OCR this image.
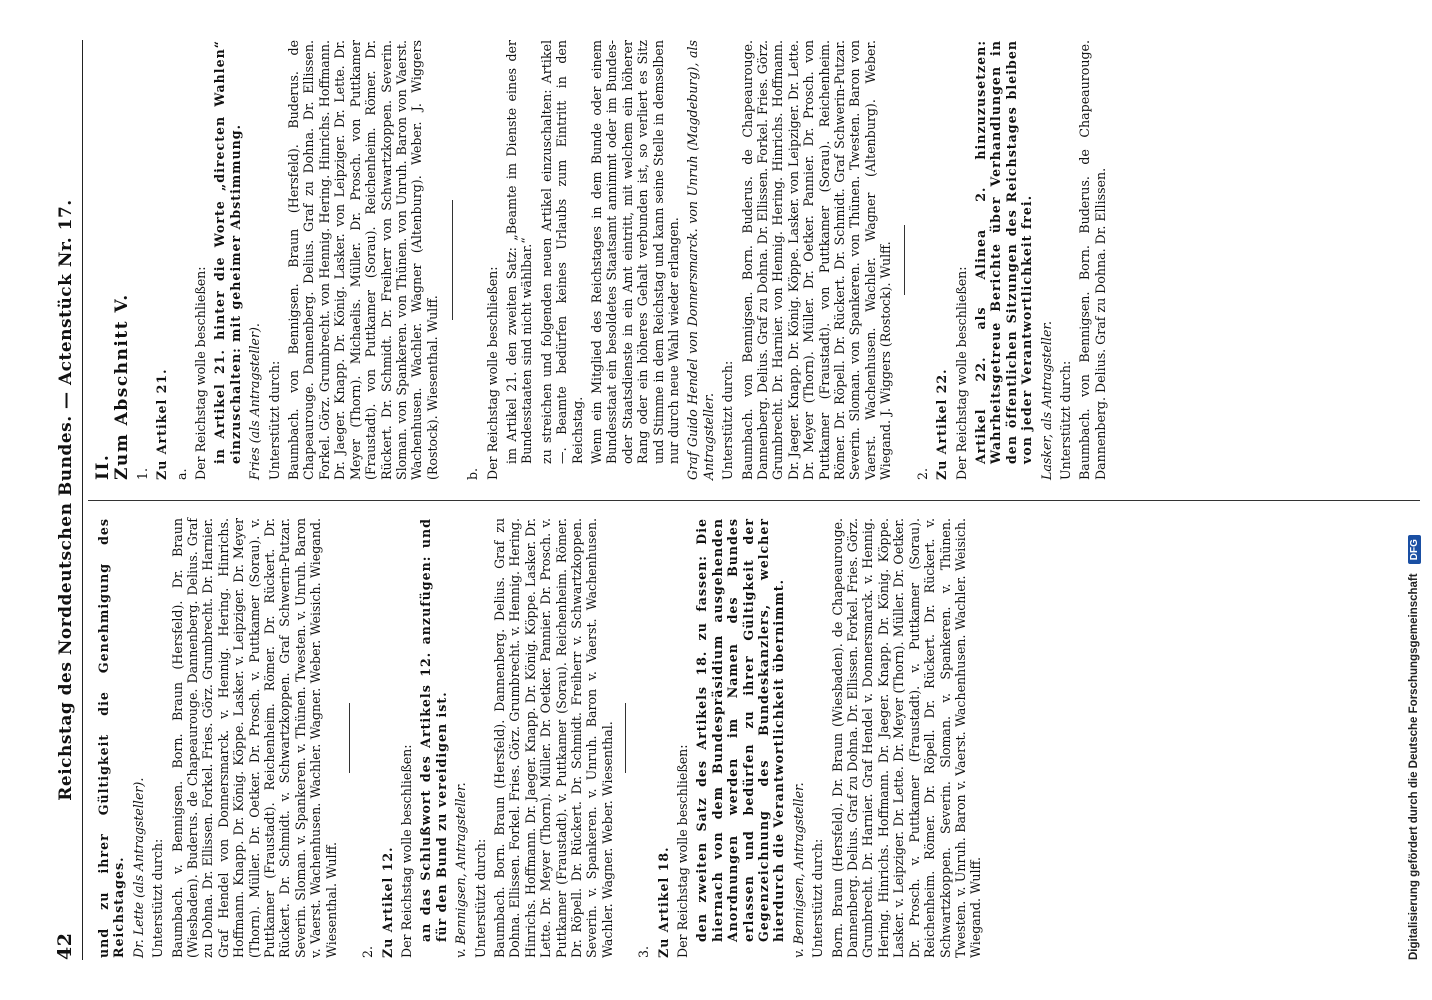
42
Reichstag des Norddeutschen Bundes. — Actenstück Nr. 17. und zu ihrer Gültigkeit die Genehmigung des Reichstages. Dr. Lette (als Antragsteller). Unterstützt durch: Baumbach. v. Bennigsen. Born. Braun (Hersfeld). Dr. Braun (Wiesbaden). Buderus. de Chapeaurouge. Dannenberg. Delius. Graf zu Dohna. Dr. Ellissen. Forkel. Fries. Görz. Grumbrecht. Dr. Harnier. Graf Hendel von Donnersmarck. v. Hennig. Hering. Hinrichs. Hoffmann. Knapp. Dr. König. Köppe. Lasker. v. Leipziger. Dr. Meyer (Thorn). Müller. Dr. Oetker. Dr. Prosch. v. Puttkamer (Sorau). v. Puttkamer (Fraustadt). Reichenheim. Römer. Dr. Rückert. Dr. Rückert. Dr. Schmidt. v. Schwartzkoppen. Graf Schwerin-Putzar. Severin. Sloman. v. Spankeren. v. Thünen. Twesten. v. Unruh. Baron v. Vaerst. Wachenhusen. Wachler. Wagner. Weber. Weisich. Wiegand. Wiesenthal. Wulff. 2. Zu Artikel 12. Der Reichstag wolle beschließen: an das Schlußwort des Artikels 12. anzufügen: und für den Bund zu vereidigen ist. v. Bennigsen, Antragsteller. Unterstützt durch: Baumbach. Born. Braun (Hersfeld). Dannenberg. Delius. Graf zu Dohna. Ellissen. Forkel. Fries. Görz. Grumbrecht. v. Hennig. Hering. Hinrichs. Hoffmann. Dr. Jaeger. Knapp. Dr. König. Köppe. Lasker. Dr. Lette. Dr. Meyer (Thorn). Müller. Dr. Oetker. Pannier. Dr. Prosch. v. Puttkamer (Fraustadt). v. Puttkamer (Sorau). Reichenheim. Römer. Dr. Röpell. Dr. Rückert. Dr. Schmidt. Freiherr v. Schwartzkoppen. Severin. v. Spankeren. v. Unruh. Baron v. Vaerst. Wachenhusen. Wachler. Wagner. Weber. Wiesenthal. 3. Zu Artikel 18. Der Reichstag wolle beschließen: den zweiten Satz des Artikels 18. zu fassen: Die hiernach von dem Bundespräsidium ausgehenden Anordnungen werden im Namen des Bundes erlassen und bedürfen zu ihrer Gültigkeit der Gegenzeichnung des Bundeskanzlers, welcher hierdurch die Verantwortlichkeit übernimmt. v. Bennigsen, Antragsteller. Unterstützt durch: Born. Braun (Hersfeld). Dr. Braun (Wiesbaden). de Chapeaurouge. Dannenberg. Delius. Graf zu Dohna. Dr. Ellissen. Forkel. Fries. Görz. Grumbrecht. Dr. Harnier. Graf Hendel v. Donnersmarck. v. Hennig. Hering. Hinrichs. Hoffmann. Dr. Jaeger. Knapp. Dr. König. Köppe. Lasker. v. Leipziger. Dr. Lette. Dr. Meyer (Thorn). Müller. Dr. Oetker. Dr. Prosch. v. Puttkamer (Fraustadt). v. Puttkamer (Sorau). Reichenheim. Römer. Dr. Röpell. Dr. Rückert. Dr. Rückert. v. Schwartzkoppen. Severin. Sloman. v. Spankeren. v. Thünen. Twesten. v. Unruh. Baron v. Vaerst. Wachenhusen. Wachler. Weisich. Wiegand. Wulff.

II. Zum Abschnitt V. 1. Zu Artikel 21. a. Der Reichstag wolle beschließen: in Artikel 21. hinter die Worte „directen Wahlen“ einzuschalten: mit geheimer Abstimmung. Fries (als Antragsteller). Unterstützt durch: Baumbach. von Bennigsen. Braun (Hersfeld). Buderus. de Chapeaurouge. Dannenberg. Delius. Graf zu Dohna. Dr. Ellissen. Forkel. Görz. Grumbrecht. von Hennig. Hering. Hinrichs. Hoffmann. Dr. Jaeger. Knapp. Dr. König. Lasker. von Leipziger. Dr. Lette. Dr. Meyer (Thorn). Michaelis. Müller. Dr. Prosch. von Puttkamer (Fraustadt). von Puttkamer (Sorau). Reichenheim. Römer. Dr. Rückert. Dr. Schmidt. Dr. Freiherr von Schwartzkoppen. Severin. Sloman. von Spankeren. von Thünen. von Unruh. Baron von Vaerst. Wachenhusen. Wachler. Wagner (Altenburg). Weber. J. Wiggers (Rostock). Wiesenthal. Wulff. b. Der Reichstag wolle beschließen: im Artikel 21. den zweiten Satz: „Beamte im Dienste eines der Bundesstaaten sind nicht wählbar.“ zu streichen und folgenden neuen Artikel einzuschalten: Artikel —. Beamte bedürfen keines Urlaubs zum Eintritt in den Reichstag. Wenn ein Mitglied des Reichstages in dem Bunde oder einem Bundesstaat ein besoldetes Staatsamt annimmt oder im Bundes- oder Staatsdienste in ein Amt eintritt, mit welchem ein höherer Rang oder ein höheres Gehalt verbunden ist, so verliert es Sitz und Stimme in dem Reichstag und kann seine Stelle in demselben nur durch neue Wahl wieder erlangen. Graf Guido Hendel von Donnersmarck. von Unruh (Magdeburg), als Antragsteller. Unterstützt durch: Baumbach. von Bennigsen. Born. Buderus. de Chapeaurouge. Dannenberg. Delius. Graf zu Dohna. Dr. Ellissen. Forkel. Fries. Görz. Grumbrecht. Dr. Harnier. von Hennig. Hering. Hinrichs. Hoffmann. Dr. Jaeger. Knapp. Dr. König. Köppe. Lasker. von Leipziger. Dr. Lette. Dr. Meyer (Thorn). Müller. Dr. Oetker. Pannier. Dr. Prosch. von Puttkamer (Fraustadt). von Puttkamer (Sorau). Reichenheim. Römer. Dr. Röpell. Dr. Rückert. Dr. Schmidt. Graf Schwerin-Putzar. Severin. Sloman. von Spankeren. von Thünen. Twesten. Baron von Vaerst. Wachenhusen. Wachler. Wagner (Altenburg). Weber. Wiegand. J. Wiggers (Rostock). Wulff. 2. Zu Artikel 22. Der Reichstag wolle beschließen: Artikel 22. als Alinea 2. hinzuzusetzen: Wahrheitsgetreue Berichte über Verhandlungen in den öffentlichen Sitzungen des Reichstages bleiben von jeder Verantwortlichkeit frei. Lasker, als Antragsteller. Unterstützt durch: Baumbach. von Bennigsen. Born. Buderus. de Chapeaurouge. Dannenberg. Delius. Graf zu Dohna. Dr. Ellissen.

Digitalisierung gefördert durch die Deutsche Forschungsgemeinschaft DFG
